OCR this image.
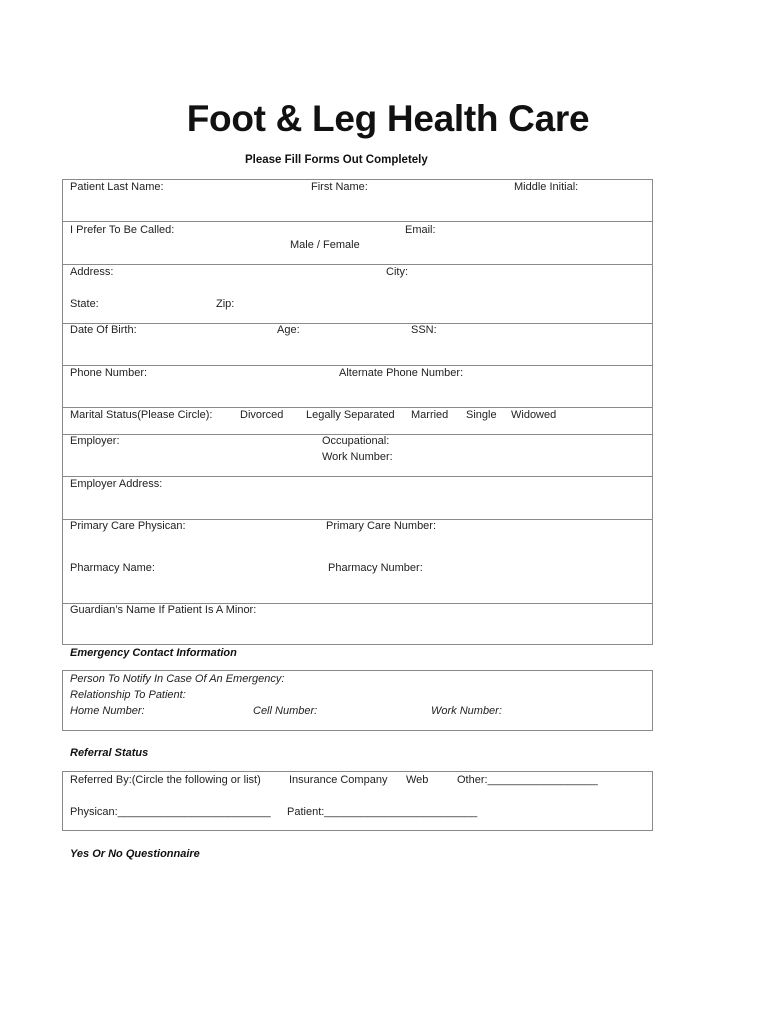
Foot & Leg Health Care
Please Fill Forms Out Completely
Patient Last Name:	First Name:	Middle Initial:
I Prefer To Be Called:	Email:
Male / Female
Address:	City:
State:	Zip:
Date Of Birth:	Age:	SSN:
Phone Number:	Alternate Phone Number:
Marital Status(Please Circle):	Divorced Legally Separated Married Single Widowed
Employer:	Occupational:
Work Number:
Employer Address:
Primary Care Physican:	Primary Care Number:
Pharmacy Name:	Pharmacy Number:
Guardian’s Name If Patient Is A Minor:
Emergency Contact Information
Person To Notify In Case Of An Emergency:
Relationship To Patient:
Home Number:	Cell Number:	Work Number:
Referral Status
Referred By:(Circle the following or list)	Insurance Company Web	Other:__________________
Physican:_________________________ Patient:_________________________
Yes Or No Questionnaire
